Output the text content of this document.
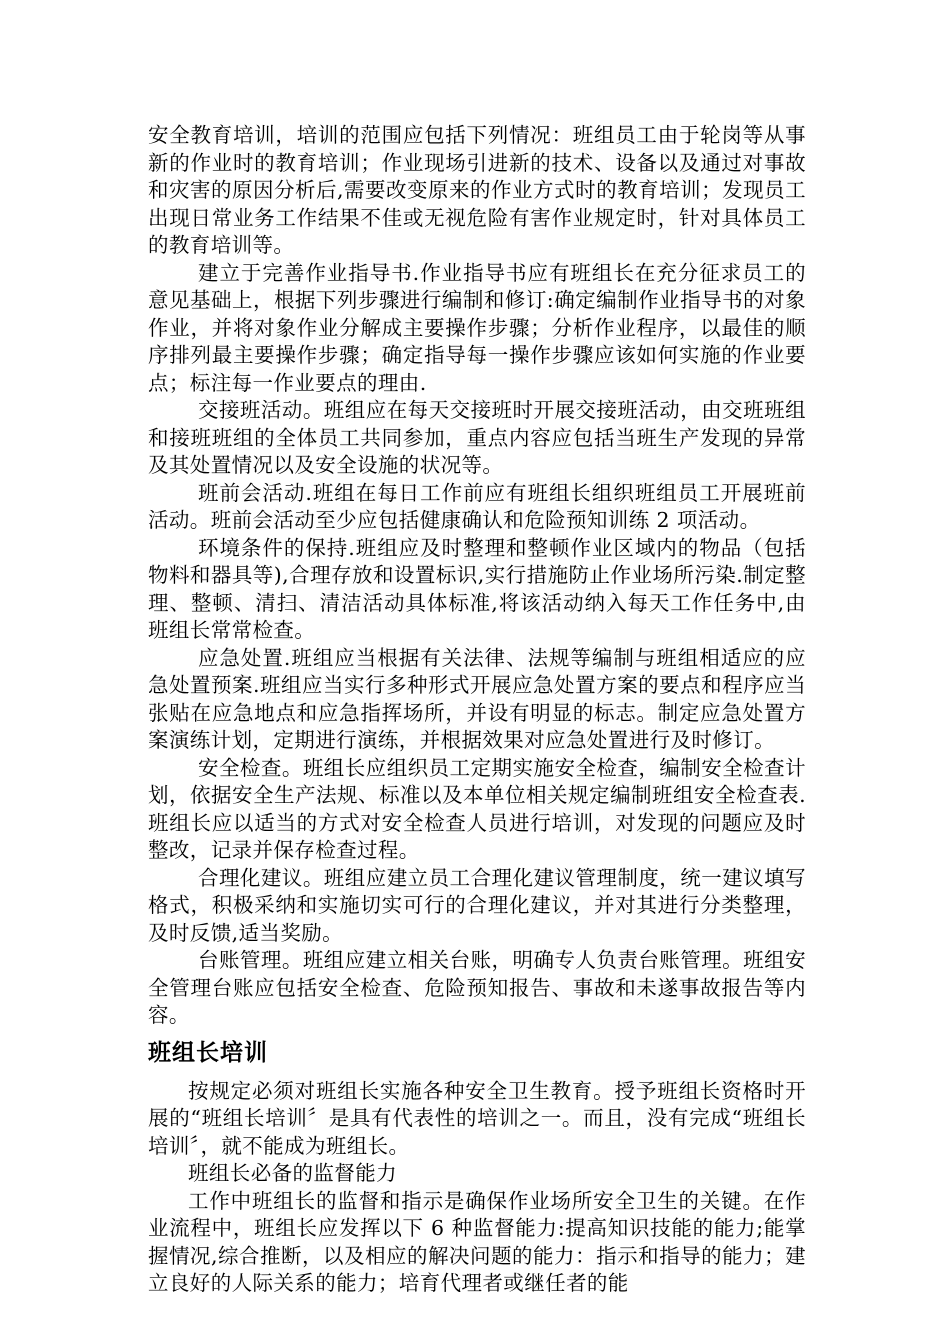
安全教育培训，培训的范围应包括下列情况：班组员工由于轮岗等从事新的作业时的教育培训；作业现场引进新的技术、设备以及通过对事故和灾害的原因分析后,需要改变原来的作业方式时的教育培训；发现员工出现日常业务工作结果不佳或无视危险有害作业规定时，针对具体员工的教育培训等。

建立于完善作业指导书.作业指导书应有班组长在充分征求员工的意见基础上，根据下列步骤进行编制和修订:确定编制作业指导书的对象作业，并将对象作业分解成主要操作步骤；分析作业程序，以最佳的顺序排列最主要操作步骤；确定指导每一操作步骤应该如何实施的作业要点；标注每一作业要点的理由.

交接班活动。班组应在每天交接班时开展交接班活动，由交班班组和接班班组的全体员工共同参加，重点内容应包括当班生产发现的异常及其处置情况以及安全设施的状况等。

班前会活动.班组在每日工作前应有班组长组织班组员工开展班前活动。班前会活动至少应包括健康确认和危险预知训练 2 项活动。

环境条件的保持.班组应及时整理和整顿作业区域内的物品（包括物料和器具等),合理存放和设置标识,实行措施防止作业场所污染.制定整理、整顿、清扫、清洁活动具体标准,将该活动纳入每天工作任务中,由班组长常常检查。

应急处置.班组应当根据有关法律、法规等编制与班组相适应的应急处置预案.班组应当实行多种形式开展应急处置方案的要点和程序应当张贴在应急地点和应急指挥场所，并设有明显的标志。制定应急处置方案演练计划，定期进行演练，并根据效果对应急处置进行及时修订。

安全检查。班组长应组织员工定期实施安全检查，编制安全检查计划，依据安全生产法规、标准以及本单位相关规定编制班组安全检查表.班组长应以适当的方式对安全检查人员进行培训，对发现的问题应及时整改，记录并保存检查过程。

合理化建议。班组应建立员工合理化建议管理制度，统一建议填写格式，积极采纳和实施切实可行的合理化建议，并对其进行分类整理，及时反馈,适当奖励。

台账管理。班组应建立相关台账，明确专人负责台账管理。班组安全管理台账应包括安全检查、危险预知报告、事故和未遂事故报告等内容。

班组长培训

按规定必须对班组长实施各种安全卫生教育。授予班组长资格时开展的“班组长培训〞是具有代表性的培训之一。而且，没有完成“班组长培训〞，就不能成为班组长。

班组长必备的监督能力

工作中班组长的监督和指示是确保作业场所安全卫生的关键。在作业流程中，班组长应发挥以下 6 种监督能力:提高知识技能的能力;能掌握情况,综合推断，以及相应的解决问题的能力：指示和指导的能力；建立良好的人际关系的能力；培育代理者或继任者的能
